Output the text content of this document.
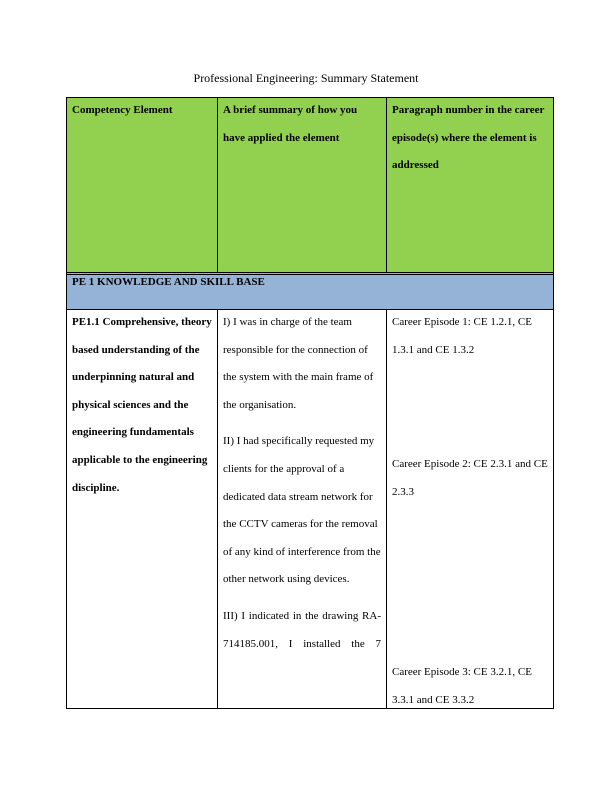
Professional Engineering: Summary Statement
Competency Element	A brief summary of how you have applied the element
Paragraph number in the career episode(s) where the element is addressed
PE 1 KNOWLEDGE AND SKILL BASE
PE1.1 Comprehensive, theory based understanding of the underpinning natural and physical sciences and the engineering fundamentals applicable to the engineering discipline.

I) I was in charge of the team responsible for the connection of the system with the main frame of the organisation.

II) I had specifically requested my clients for the approval of a dedicated data stream network for the CCTV cameras for the removal of any kind of interference from the other network using devices.

III) I indicated in the drawing RA-714185.001, I installed the 7

Career Episode 1: CE 1.2.1, CE 1.3.1 and CE 1.3.2

Career Episode 2: CE 2.3.1 and CE 2.3.3

Career Episode 3: CE 3.2.1, CE 3.3.1 and CE 3.3.2
